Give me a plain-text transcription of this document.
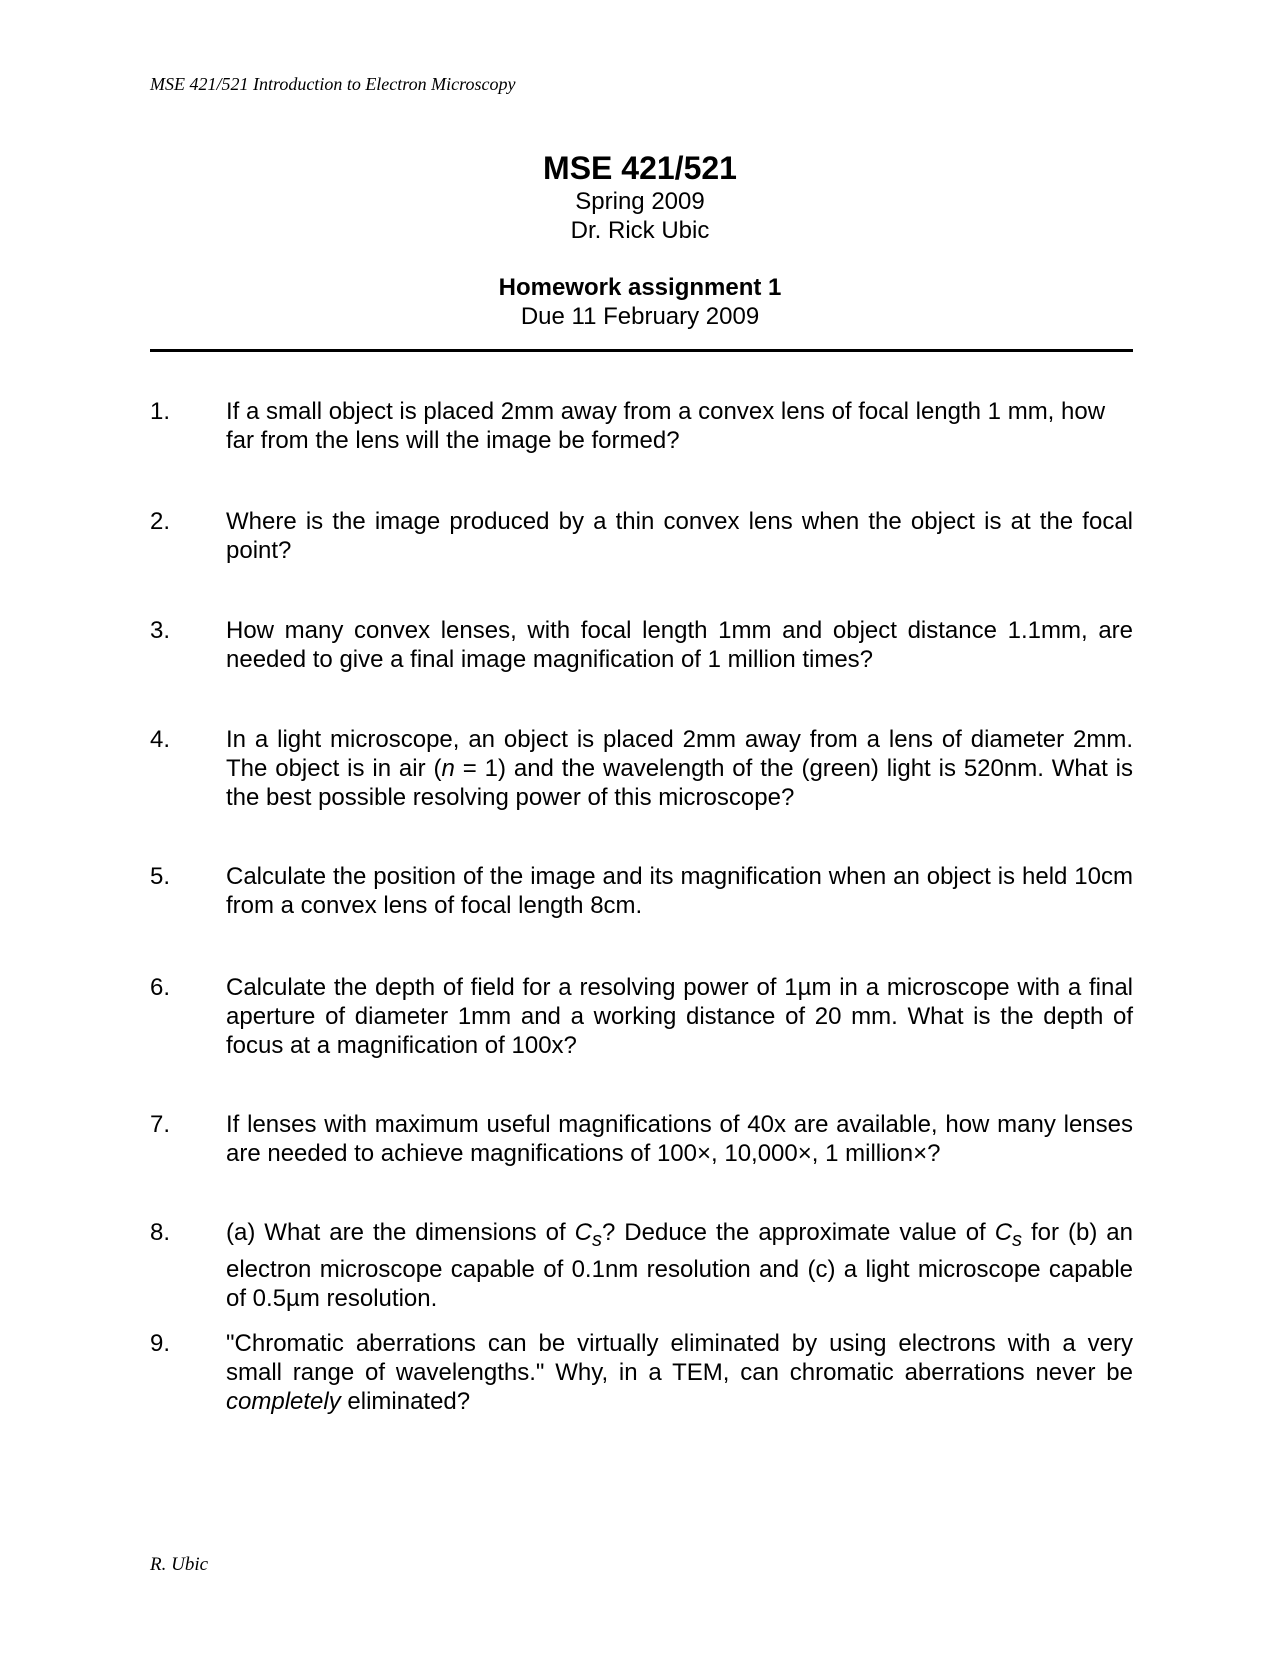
MSE 421/521 Introduction to Electron Microscopy
MSE 421/521
Spring 2009
Dr. Rick Ubic
Homework assignment 1
Due 11 February 2009
1. If a small object is placed 2mm away from a convex lens of focal length 1 mm, how far from the lens will the image be formed?
2. Where is the image produced by a thin convex lens when the object is at the focal point?
3. How many convex lenses, with focal length 1mm and object distance 1.1mm, are needed to give a final image magnification of 1 million times?
4. In a light microscope, an object is placed 2mm away from a lens of diameter 2mm. The object is in air (n = 1) and the wavelength of the (green) light is 520nm. What is the best possible resolving power of this microscope?
5. Calculate the position of the image and its magnification when an object is held 10cm from a convex lens of focal length 8cm.
6. Calculate the depth of field for a resolving power of 1µm in a microscope with a final aperture of diameter 1mm and a working distance of 20 mm. What is the depth of focus at a magnification of 100x?
7. If lenses with maximum useful magnifications of 40x are available, how many lenses are needed to achieve magnifications of 100×, 10,000×, 1 million×?
8. (a) What are the dimensions of $C_s$? Deduce the approximate value of $C_s$ for (b) an electron microscope capable of 0.1nm resolution and (c) a light microscope capable of 0.5µm resolution.
9. "Chromatic aberrations can be virtually eliminated by using electrons with a very small range of wavelengths." Why, in a TEM, can chromatic aberrations never be completely eliminated?
R. Ubic
